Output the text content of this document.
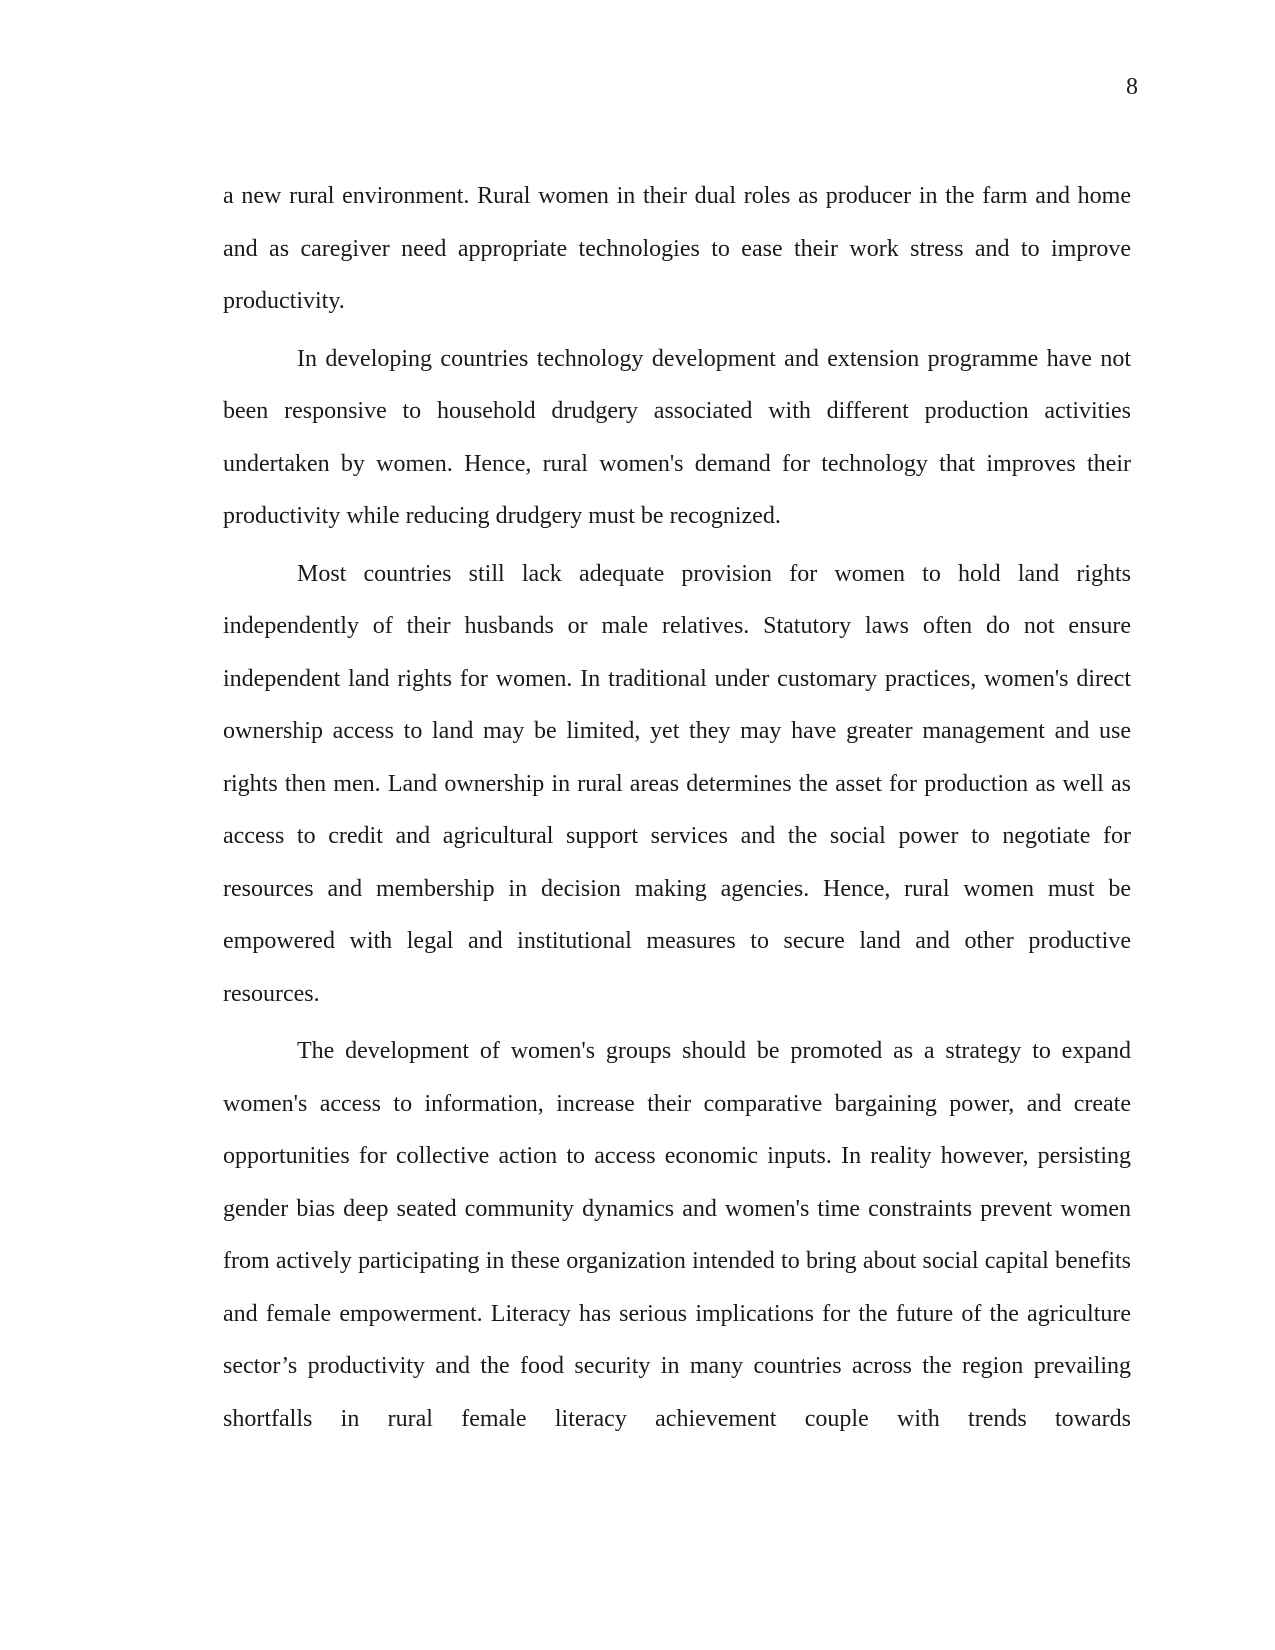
8

a new rural environment. Rural women in their dual roles as producer in the farm and home and as caregiver need appropriate technologies to ease their work stress and to improve productivity.

In developing countries technology development and extension programme have not been responsive to household drudgery associated with different production activities undertaken by women. Hence, rural women's demand for technology that improves their productivity while reducing drudgery must be recognized.

Most countries still lack adequate provision for women to hold land rights independently of their husbands or male relatives. Statutory laws often do not ensure independent land rights for women. In traditional under customary practices, women's direct ownership access to land may be limited, yet they may have greater management and use rights then men. Land ownership in rural areas determines the asset for production as well as access to credit and agricultural support services and the social power to negotiate for resources and membership in decision making agencies. Hence, rural women must be empowered with legal and institutional measures to secure land and other productive resources.

The development of women's groups should be promoted as a strategy to expand women's access to information, increase their comparative bargaining power, and create opportunities for collective action to access economic inputs. In reality however, persisting gender bias deep seated community dynamics and women's time constraints prevent women from actively participating in these organization intended to bring about social capital benefits and female empowerment. Literacy has serious implications for the future of the agriculture sector’s productivity and the food security in many countries across the region prevailing shortfalls in rural female literacy achievement couple with trends towards
